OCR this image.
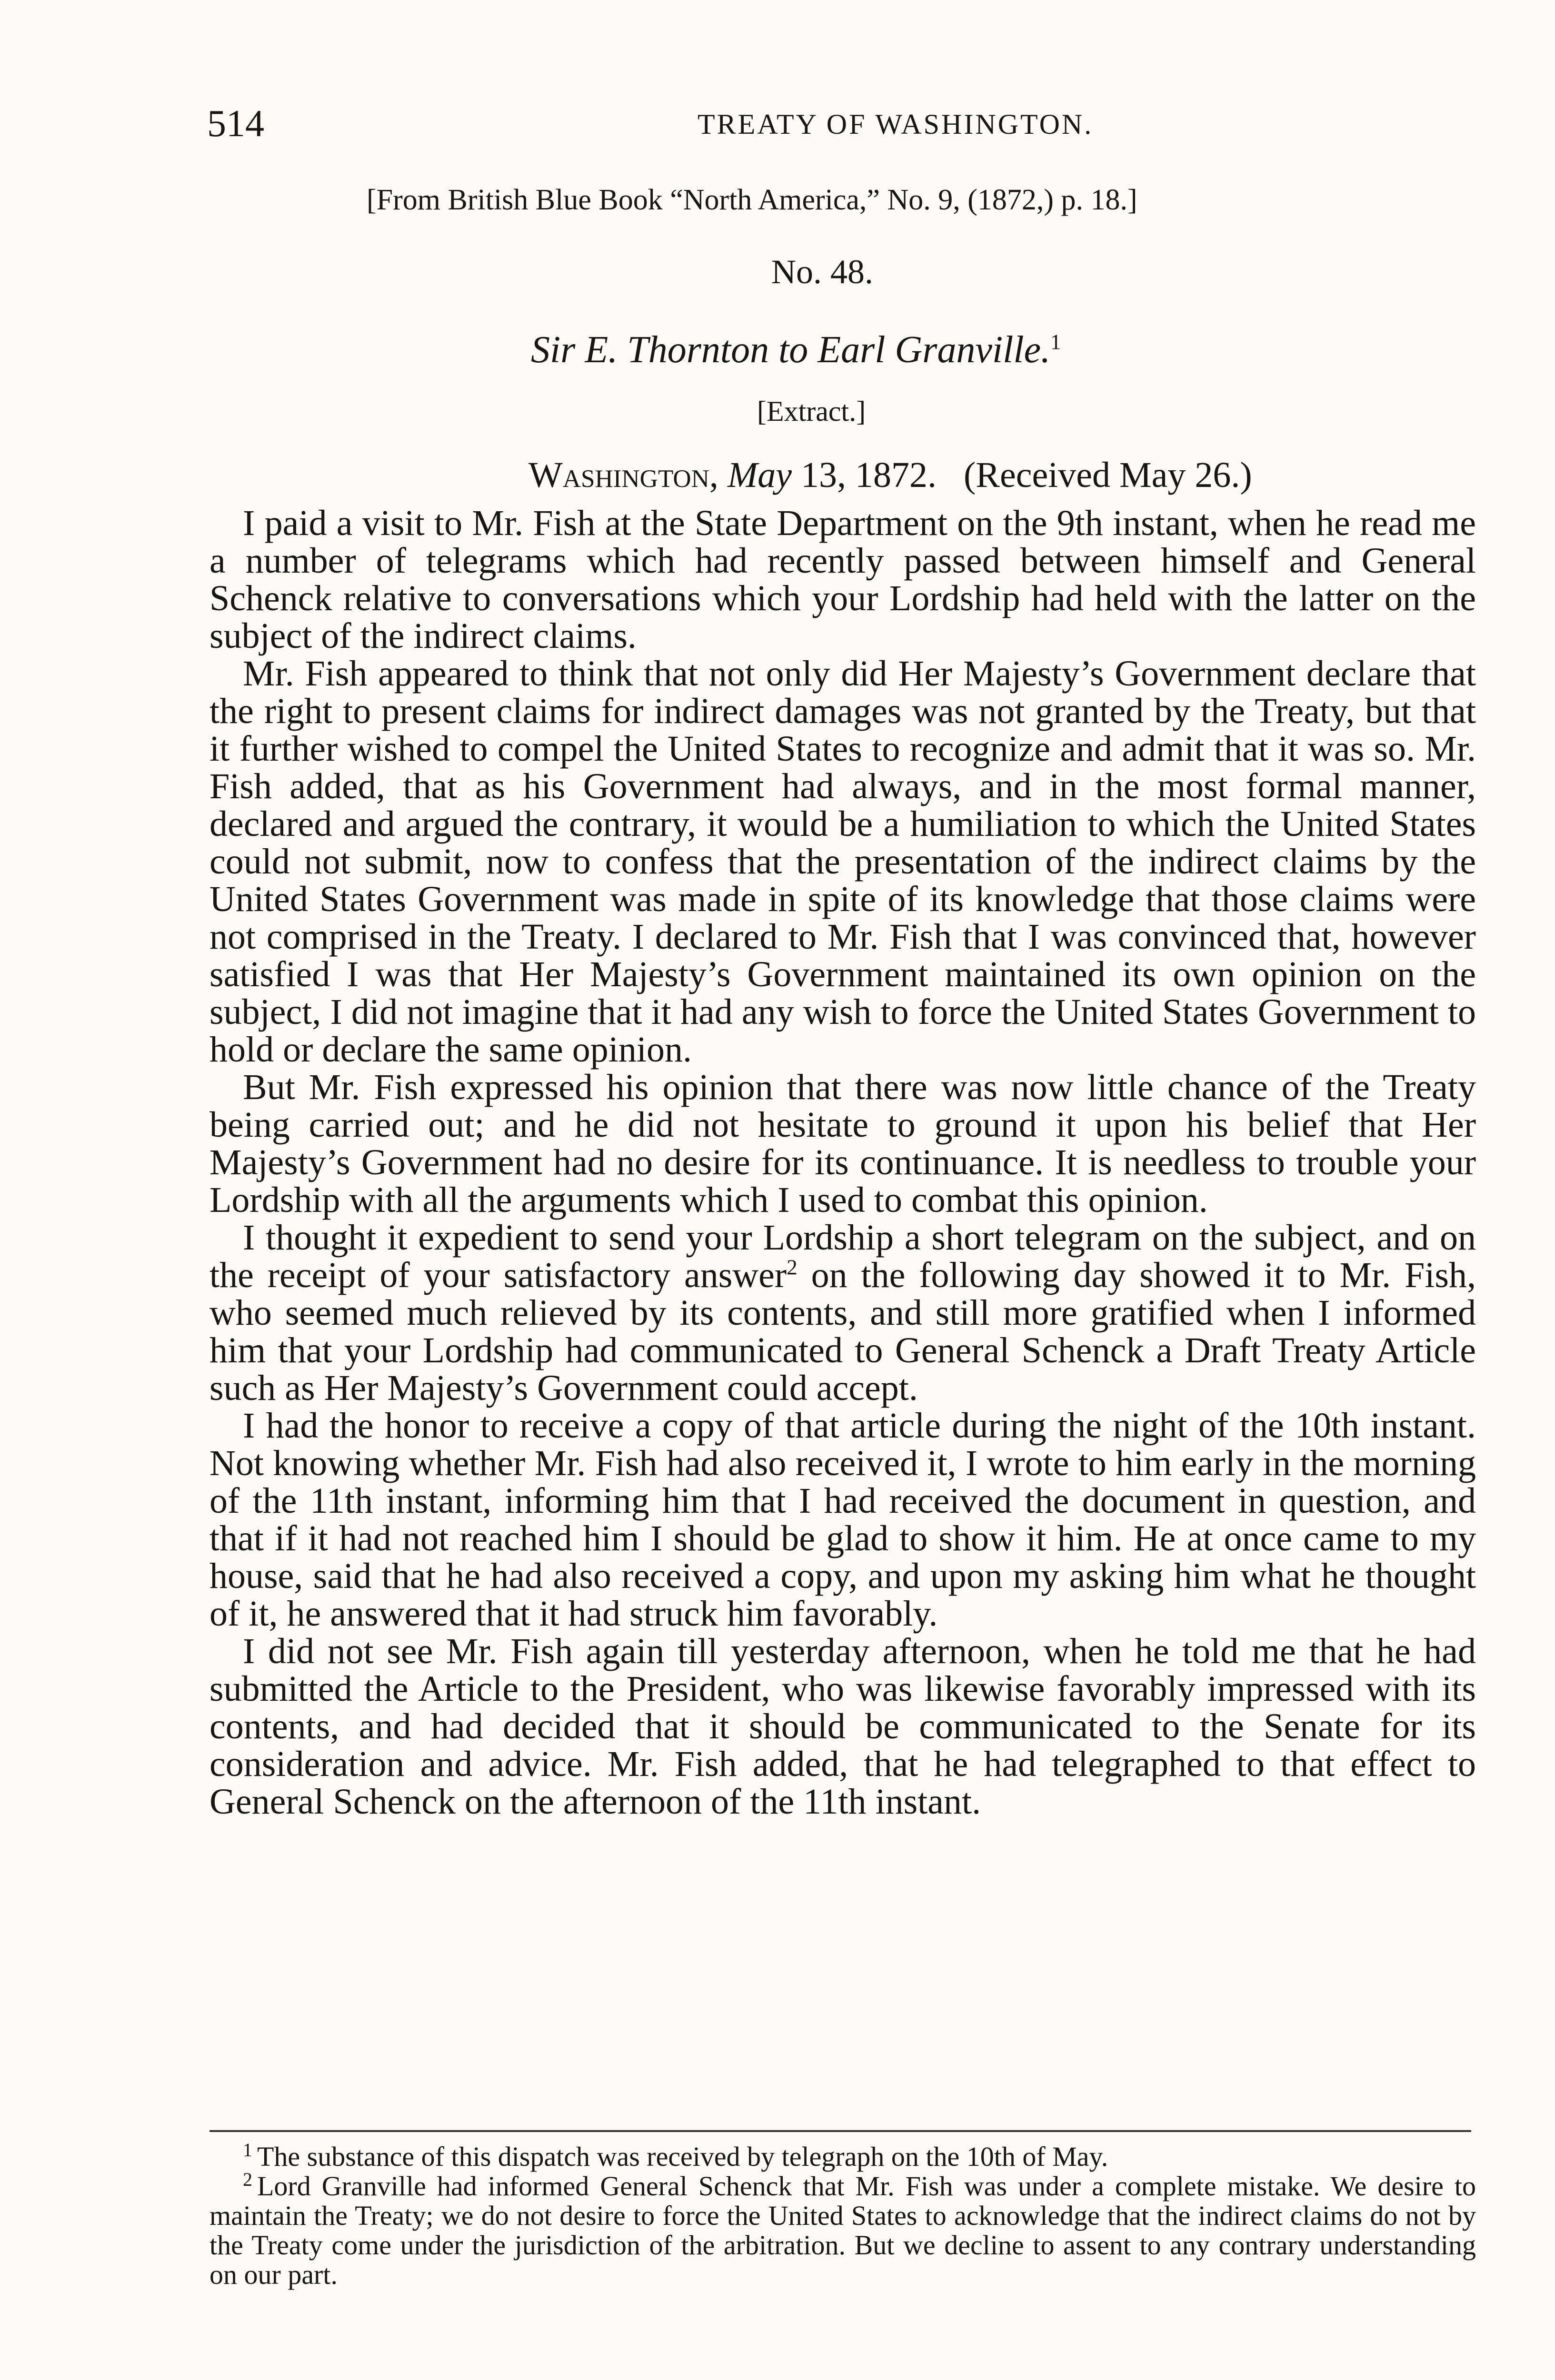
514	TREATY OF WASHINGTON.
[From British Blue Book “North America,” No. 9, (1872,) p. 18.]
No. 48.
Sir E. Thornton to Earl Granville.$^1$
[Extract.]
Washington, May 13, 1872. (Received May 26.)

I paid a visit to Mr. Fish at the State Department on the 9th instant, when he read me a number of telegrams which had recently passed between himself and General Schenck relative to conversations which your Lordship had held with the latter on the subject of the indirect claims.

Mr. Fish appeared to think that not only did Her Majesty’s Government declare that the right to present claims for indirect damages was not granted by the Treaty, but that it further wished to compel the United States to recognize and admit that it was so. Mr. Fish added, that as his Government had always, and in the most formal manner, declared and argued the contrary, it would be a humiliation to which the United States could not submit, now to confess that the presentation of the indirect claims by the United States Government was made in spite of its knowledge that those claims were not comprised in the Treaty. I declared to Mr. Fish that I was convinced that, however satisfied I was that Her Majesty’s Government maintained its own opinion on the subject, I did not imagine that it had any wish to force the United States Government to hold or declare the same opinion.

But Mr. Fish expressed his opinion that there was now little chance of the Treaty being carried out; and he did not hesitate to ground it upon his belief that Her Majesty’s Government had no desire for its continuance. It is needless to trouble your Lordship with all the arguments which I used to combat this opinion.

I thought it expedient to send your Lordship a short telegram on the subject, and on the receipt of your satisfactory answer$^2$ on the following day showed it to Mr. Fish, who seemed much relieved by its contents, and still more gratified when I informed him that your Lordship had communicated to General Schenck a Draft Treaty Article such as Her Majesty’s Government could accept.

I had the honor to receive a copy of that article during the night of the 10th instant. Not knowing whether Mr. Fish had also received it, I wrote to him early in the morning of the 11th instant, informing him that I had received the document in question, and that if it had not reached him I should be glad to show it him. He at once came to my house, said that he had also received a copy, and upon my asking him what he thought of it, he answered that it had struck him favorably.

I did not see Mr. Fish again till yesterday afternoon, when he told me that he had submitted the Article to the President, who was likewise favorably impressed with its contents, and had decided that it should be communicated to the Senate for its consideration and advice. Mr. Fish added, that he had telegraphed to that effect to General Schenck on the afternoon of the 11th instant.

$^1$ The substance of this dispatch was received by telegraph on the 10th of May.

$^2$ Lord Granville had informed General Schenck that Mr. Fish was under a complete mistake. We desire to maintain the Treaty; we do not desire to force the United States to acknowledge that the indirect claims do not by the Treaty come under the jurisdiction of the arbitration. But we decline to assent to any contrary understanding on our part.
